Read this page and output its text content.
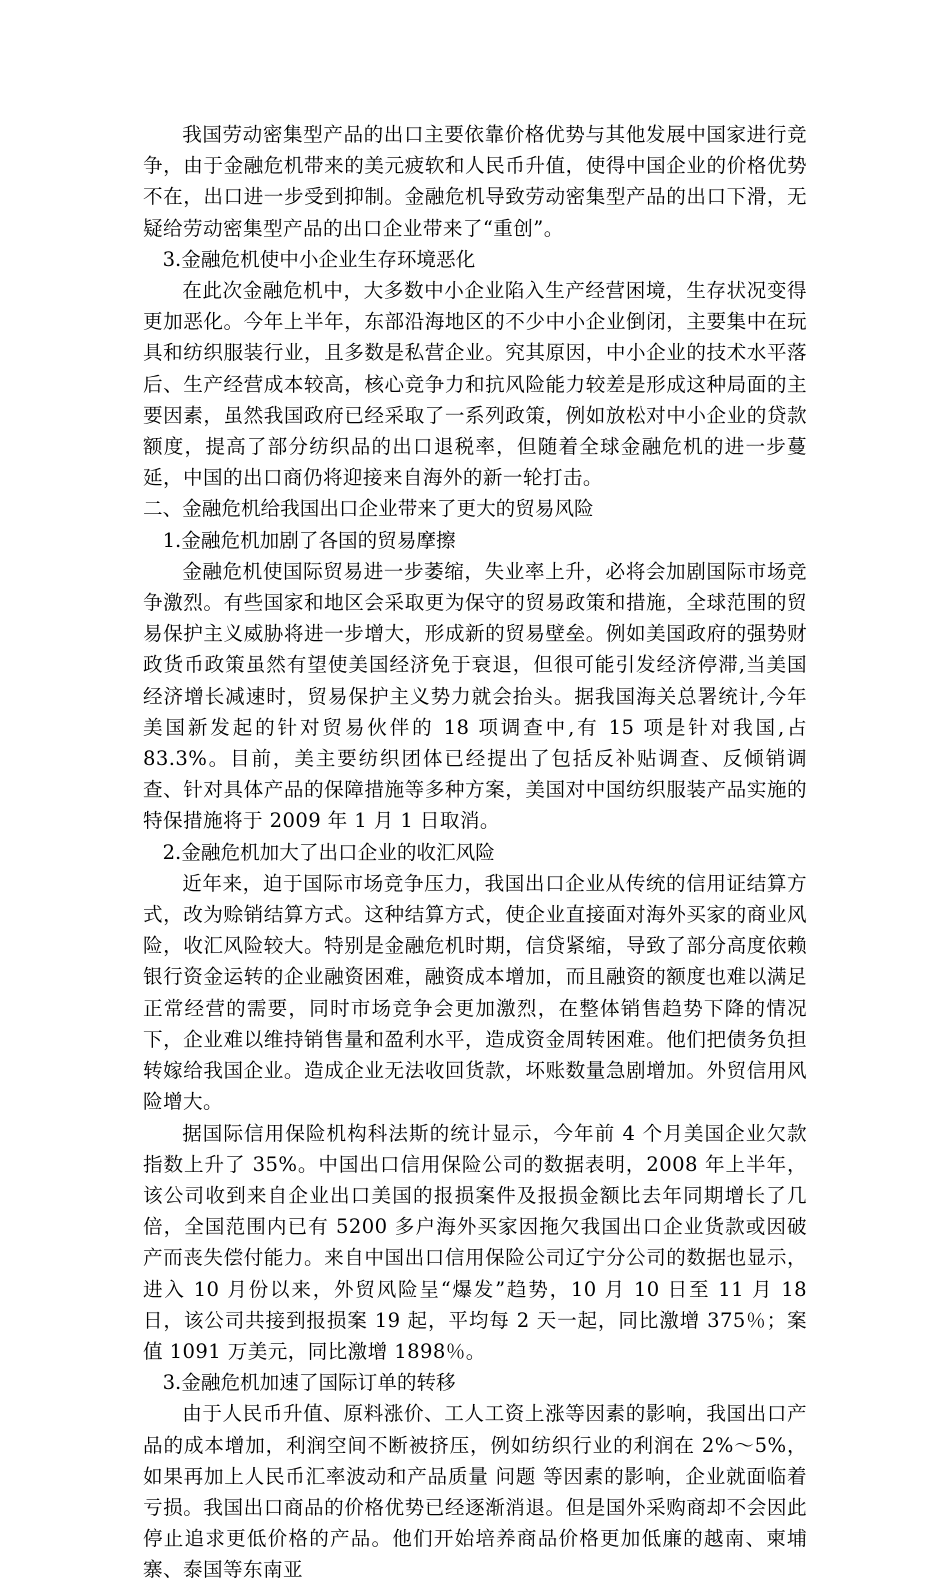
我国劳动密集型产品的出口主要依靠价格优势与其他发展中国家进行竞争，由于金融危机带来的美元疲软和人民币升值，使得中国企业的价格优势不在，出口进一步受到抑制。金融危机导致劳动密集型产品的出口下滑，无疑给劳动密集型产品的出口企业带来了“重创”。

3.金融危机使中小企业生存环境恶化

在此次金融危机中，大多数中小企业陷入生产经营困境，生存状况变得更加恶化。今年上半年，东部沿海地区的不少中小企业倒闭，主要集中在玩具和纺织服装行业，且多数是私营企业。究其原因，中小企业的技术水平落后、生产经营成本较高，核心竞争力和抗风险能力较差是形成这种局面的主要因素，虽然我国政府已经采取了一系列政策，例如放松对中小企业的贷款额度，提高了部分纺织品的出口退税率，但随着全球金融危机的进一步蔓延，中国的出口商仍将迎接来自海外的新一轮打击。

二、金融危机给我国出口企业带来了更大的贸易风险

1.金融危机加剧了各国的贸易摩擦

金融危机使国际贸易进一步萎缩，失业率上升，必将会加剧国际市场竞争激烈。有些国家和地区会采取更为保守的贸易政策和措施，全球范围的贸易保护主义威胁将进一步增大，形成新的贸易壁垒。例如美国政府的强势财政货币政策虽然有望使美国经济免于衰退，但很可能引发经济停滞,当美国经济增长减速时，贸易保护主义势力就会抬头。据我国海关总署统计,今年美国新发起的针对贸易伙伴的 18 项调查中,有 15 项是针对我国,占 83.3%。目前，美主要纺织团体已经提出了包括反补贴调查、反倾销调查、针对具体产品的保障措施等多种方案，美国对中国纺织服装产品实施的特保措施将于 2009 年 1 月 1 日取消。

2.金融危机加大了出口企业的收汇风险

近年来，迫于国际市场竞争压力，我国出口企业从传统的信用证结算方式，改为赊销结算方式。这种结算方式，使企业直接面对海外买家的商业风险，收汇风险较大。特别是金融危机时期，信贷紧缩，导致了部分高度依赖银行资金运转的企业融资困难，融资成本增加，而且融资的额度也难以满足正常经营的需要，同时市场竞争会更加激烈，在整体销售趋势下降的情况下，企业难以维持销售量和盈利水平，造成资金周转困难。他们把债务负担转嫁给我国企业。造成企业无法收回货款，坏账数量急剧增加。外贸信用风险增大。

据国际信用保险机构科法斯的统计显示，今年前 4 个月美国企业欠款指数上升了 35%。中国出口信用保险公司的数据表明，2008 年上半年，该公司收到来自企业出口美国的报损案件及报损金额比去年同期增长了几倍，全国范围内已有 5200 多户海外买家因拖欠我国出口企业货款或因破产而丧失偿付能力。来自中国出口信用保险公司辽宁分公司的数据也显示，进入 10 月份以来，外贸风险呈“爆发”趋势，10 月 10 日至 11 月 18 日，该公司共接到报损案 19 起，平均每 2 天一起，同比激增 375％；案值 1091 万美元，同比激增 1898％。

3.金融危机加速了国际订单的转移

由于人民币升值、原料涨价、工人工资上涨等因素的影响，我国出口产品的成本增加，利润空间不断被挤压，例如纺织行业的利润在 2%～5%，如果再加上人民币汇率波动和产品质量 问题 等因素的影响，企业就面临着亏损。我国出口商品的价格优势已经逐渐消退。但是国外采购商却不会因此停止追求更低价格的产品。他们开始培养商品价格更加低廉的越南、柬埔寨、泰国等东南亚
